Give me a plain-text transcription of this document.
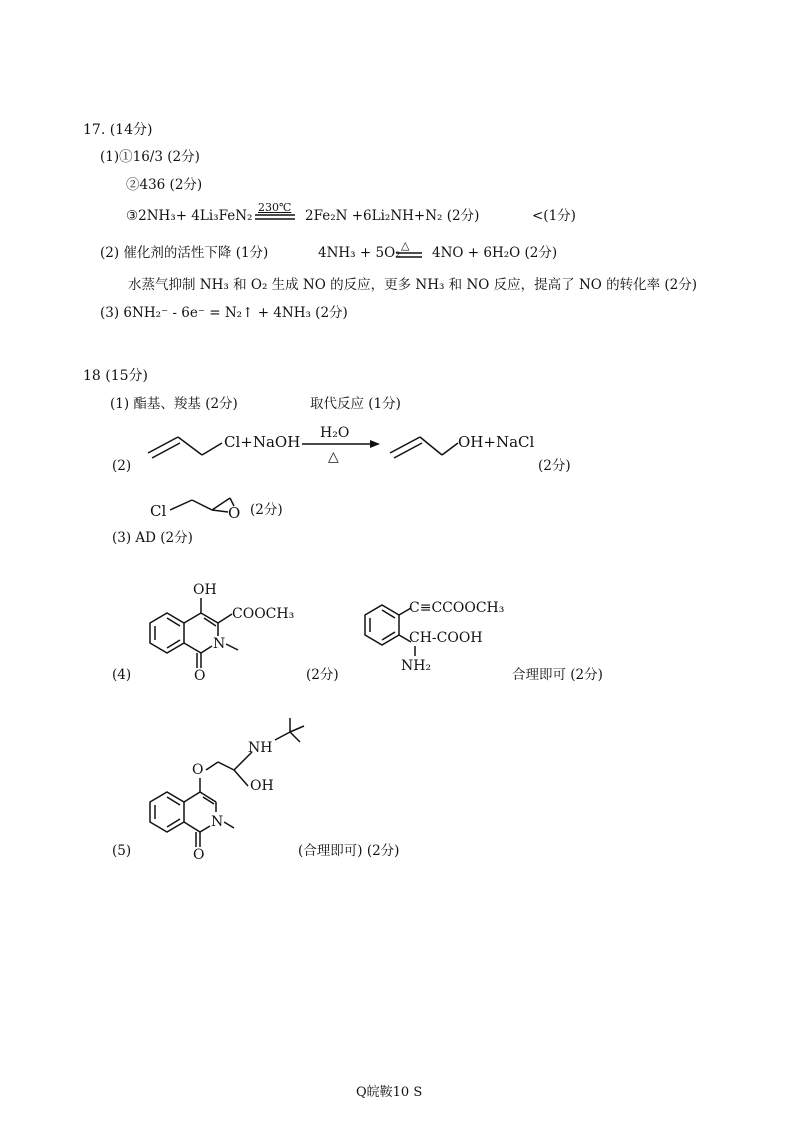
17. (14分)
(1)①16/3 (2分)
②436 (2分)
③2NH₃+ 4Li₃FeN₂
230℃
2Fe₂N +6Li₂NH+N₂ (2分)	<(1分)
(2) 催化剂的活性下降 (1分)	4NH₃ + 5O₂ △ 4NO + 6H₂O (2分)
水蒸气抑制 NH₃ 和 O₂ 生成 NO 的反应，更多 NH₃ 和 NO 反应，提高了 NO 的转化率 (2分)
(3) 6NH₂⁻ - 6e⁻ = N₂↑ + 4NH₃ (2分)
18 (15分)
(1) 酯基、羧基 (2分)	取代反应 (1分)
(2)
Cl+NaOH H₂O
△
OH+NaCl
(2分)
Cl	O (2分)
(3) AD (2分)
(4)
OH
COOCH₃
N
O	(2分)
C≡CCOOCH₃
CH-COOH
NH₂
合理即可 (2分)
(5)
NH
OH
O
N
O	(合理即可) (2分)
Q皖鞍10 S
